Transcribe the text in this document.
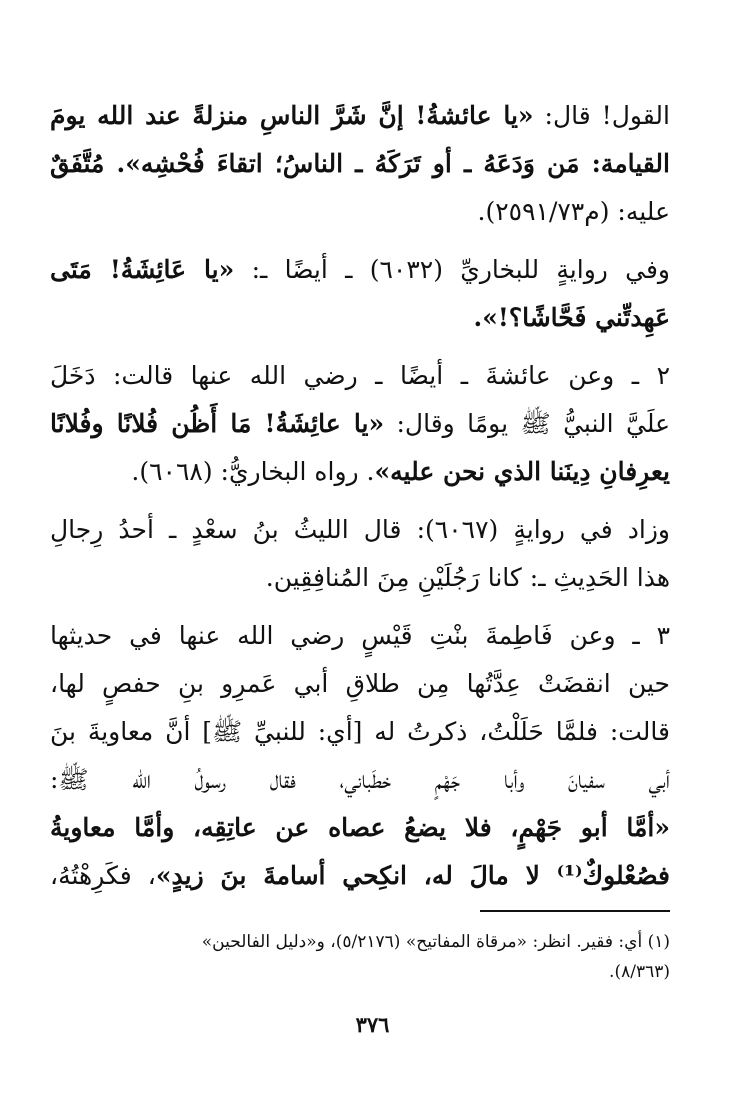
القول! قال: «يا عائشةُ! إنَّ شَرَّ الناسِ منزلةً عند الله يومَ
القيامة: مَن وَدَعَهُ ـ أو تَرَكَهُ ـ الناسُ؛ اتقاءَ فُحْشِه». مُتَّفَقٌ
عليه: (م٢٥٩١/٧٣).
وفي روايةٍ للبخاريِّ (٦٠٣٢) ـ أيضًا ـ: «يا عَائِشَةُ! مَتَى
عَهِدتِّني فَحَّاشًا؟!».
٢ ـ وعن عائشةَ ـ أيضًا ـ رضي الله عنها قالت: دَخَلَ
علَيَّ النبيُّ ﷺ يومًا وقال: «يا عائِشَةُ! مَا أَظُن فُلانًا وفُلانًا
يعرِفانِ دِينَنا الذي نحن عليه». رواه البخاريُّ: (٦٠٦٨).
وزاد في روايةٍ (٦٠٦٧): قال الليثُ بنُ سعْدٍ ـ أحدُ رِجالِ
هذا الحَدِيثِ ـ: كانا رَجُلَيْنِ مِنَ المُنافِقِين.
٣ ـ وعن فَاطِمةَ بنْتِ قَيْسٍ رضي الله عنها في حديثها
حين انقضَتْ عِدَّتُها مِن طلاقِ أبي عَمرِو بنِ حفصٍ لها،
قالت: فلمَّا حَلَلْتُ، ذكرتُ له [أي: للنبيِّ ﷺ] أنَّ معاويةَ بنَ
أبي سفيانَ وأبا جَهْمٍ خطَباني، فقال رسولُ الله ﷺ:
«أمَّا أبو جَهْمٍ، فلا يضعُ عصاه عن عاتِقِه، وأمَّا معاويةُ
فصُعْلوكٌ⁽¹⁾ لا مالَ له، انكِحي أسامةَ بنَ زيدٍ»، فكَرِهْتُهُ،
(١) أي: فقير. انظر: «مرقاة المفاتيح» (٥/٢١٧٦)، و«دليل الفالحين»
(٨/٣٦٣).
٣٧٦
